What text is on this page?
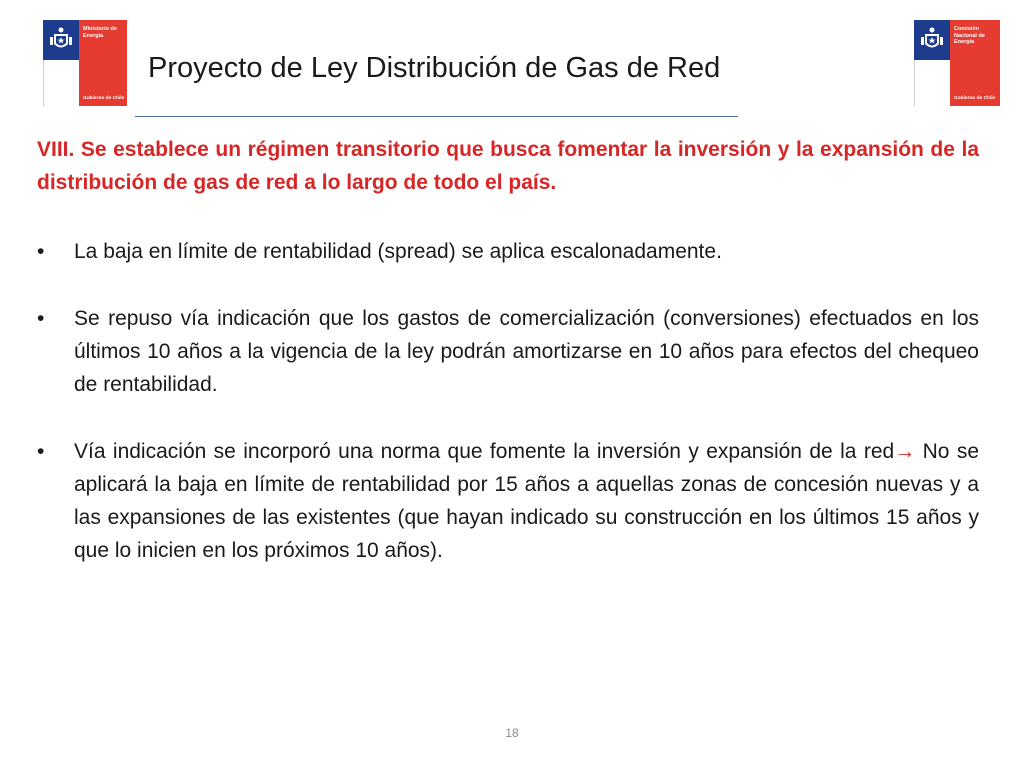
Ministerio de
Energía
Gobierno de Chile
Comisión
Nacional de
Energía
Gobierno de Chile
Proyecto de Ley Distribución de Gas de Red

VIII. Se establece un régimen transitorio que busca fomentar la inversión y la expansión de la distribución de gas de red a lo largo de todo el país.

• La baja en límite de rentabilidad (spread) se aplica escalonadamente.
• Se repuso vía indicación que los gastos de comercialización (conversiones) efectuados en los últimos 10 años a la vigencia de la ley podrán amortizarse en 10 años para efectos del chequeo de rentabilidad.
• Vía indicación se incorporó una norma que fomente la inversión y expansión de la red→ No se aplicará la baja en límite de rentabilidad por 15 años a aquellas zonas de concesión nuevas y a las expansiones de las existentes (que hayan indicado su construcción en los últimos 15 años y que lo inicien en los próximos 10 años).
18
